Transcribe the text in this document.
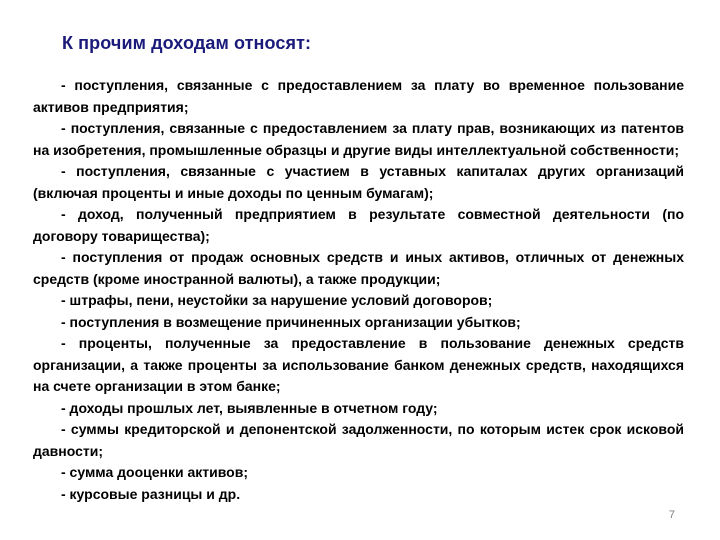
К прочим доходам относят:
- поступления, связанные с предоставлением за плату во временное пользование активов предприятия;
- поступления, связанные с предоставлением за плату прав, возникающих из патентов на изобретения, промышленные образцы и другие виды интеллектуальной собственности;
- поступления, связанные с участием в уставных капиталах других организаций (включая проценты и иные доходы по ценным бумагам);
- доход, полученный предприятием в результате совместной деятельности (по договору товарищества);
- поступления от продаж основных средств и иных активов, отличных от денежных средств (кроме иностранной валюты), а также продукции;
- штрафы, пени, неустойки за нарушение условий договоров;
- поступления в возмещение причиненных организации убытков;
- проценты, полученные за предоставление в пользование денежных средств организации, а также проценты за использование банком денежных средств, находящихся на счете организации в этом банке;
- доходы прошлых лет, выявленные в отчетном году;
- суммы кредиторской и депонентской задолженности, по которым истек срок исковой давности;
- сумма дооценки активов;
- курсовые разницы и др.
7
